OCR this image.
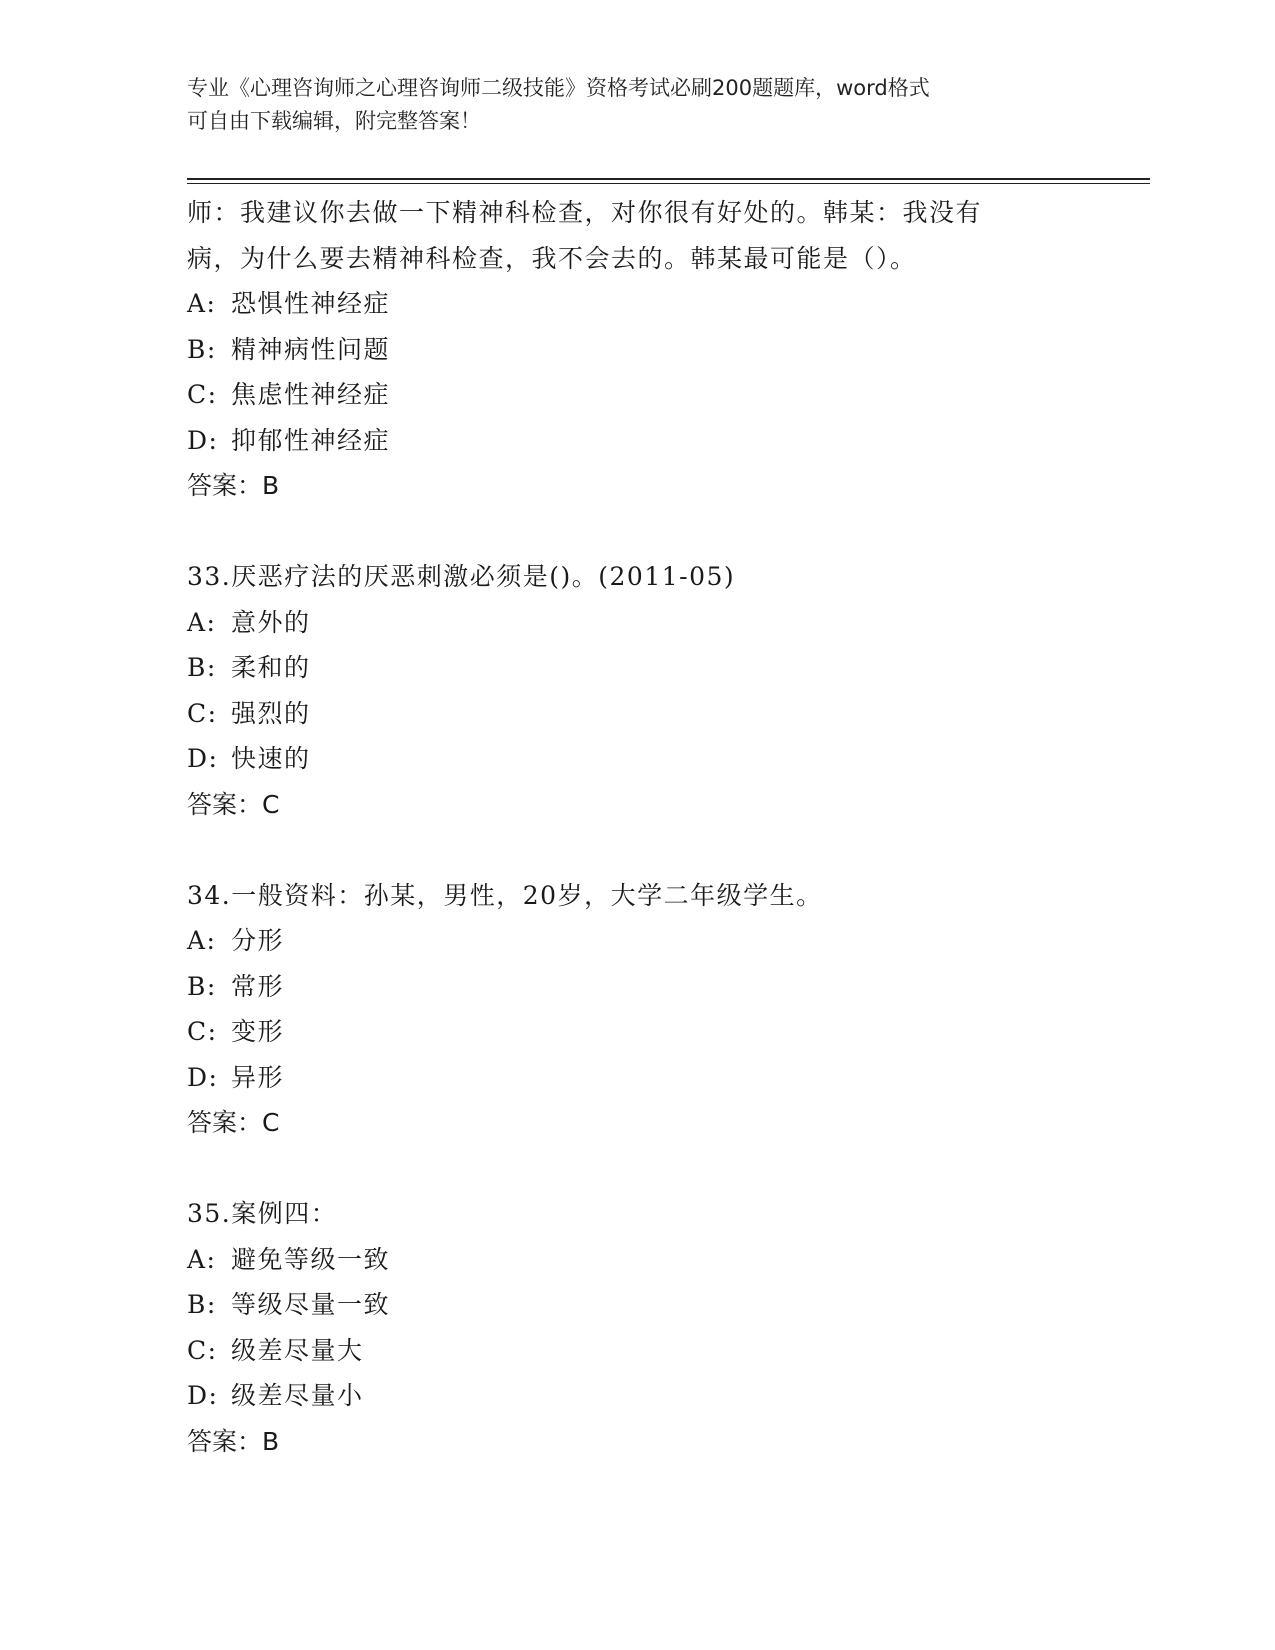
专业《心理咨询师之心理咨询师二级技能》资格考试必刷200题题库，word格式
可自由下载编辑，附完整答案！
师：我建议你去做一下精神科检查，对你很有好处的。韩某：我没有
病，为什么要去精神科检查，我不会去的。韩某最可能是（）。
A: 恐惧性神经症
B: 精神病性问题
C: 焦虑性神经症
D: 抑郁性神经症
答案：B
33.厌恶疗法的厌恶刺激必须是()。(2011-05)
A: 意外的
B: 柔和的
C: 强烈的
D: 快速的
答案：C
34.一般资料：孙某，男性，20岁，大学二年级学生。
A: 分形
B: 常形
C: 变形
D: 异形
答案：C
35.案例四：
A: 避免等级一致
B: 等级尽量一致
C: 级差尽量大
D: 级差尽量小
答案：B
